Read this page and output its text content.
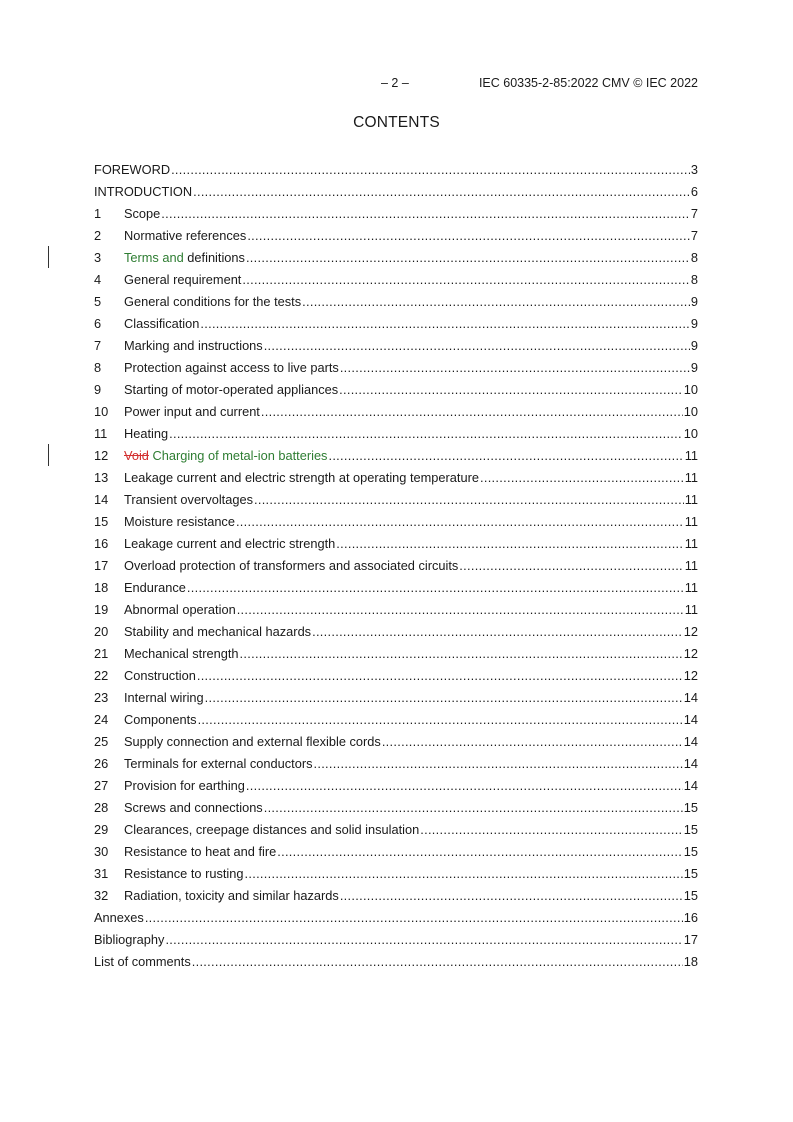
– 2 –	IEC 60335-2-85:2022 CMV © IEC 2022
CONTENTS
FOREWORD .....	3
INTRODUCTION .....	6
1	Scope .....	7
2	Normative references .....	7
3	Terms and definitions .....	8
4	General requirement .....	8
5	General conditions for the tests .....	9
6	Classification .....	9
7	Marking and instructions .....	9
8	Protection against access to live parts .....	9
9	Starting of motor-operated appliances .....	10
10	Power input and current .....	10
11	Heating .....	10
12	Void Charging of metal-ion batteries .....	11
13	Leakage current and electric strength at operating temperature .....	11
14	Transient overvoltages .....	11
15	Moisture resistance .....	11
16	Leakage current and electric strength .....	11
17	Overload protection of transformers and associated circuits .....	11
18	Endurance .....	11
19	Abnormal operation .....	11
20	Stability and mechanical hazards .....	12
21	Mechanical strength .....	12
22	Construction .....	12
23	Internal wiring .....	14
24	Components .....	14
25	Supply connection and external flexible cords .....	14
26	Terminals for external conductors .....	14
27	Provision for earthing .....	14
28	Screws and connections .....	15
29	Clearances, creepage distances and solid insulation .....	15
30	Resistance to heat and fire .....	15
31	Resistance to rusting .....	15
32	Radiation, toxicity and similar hazards .....	15
Annexes .....	16
Bibliography .....	17
List of comments .....	18
